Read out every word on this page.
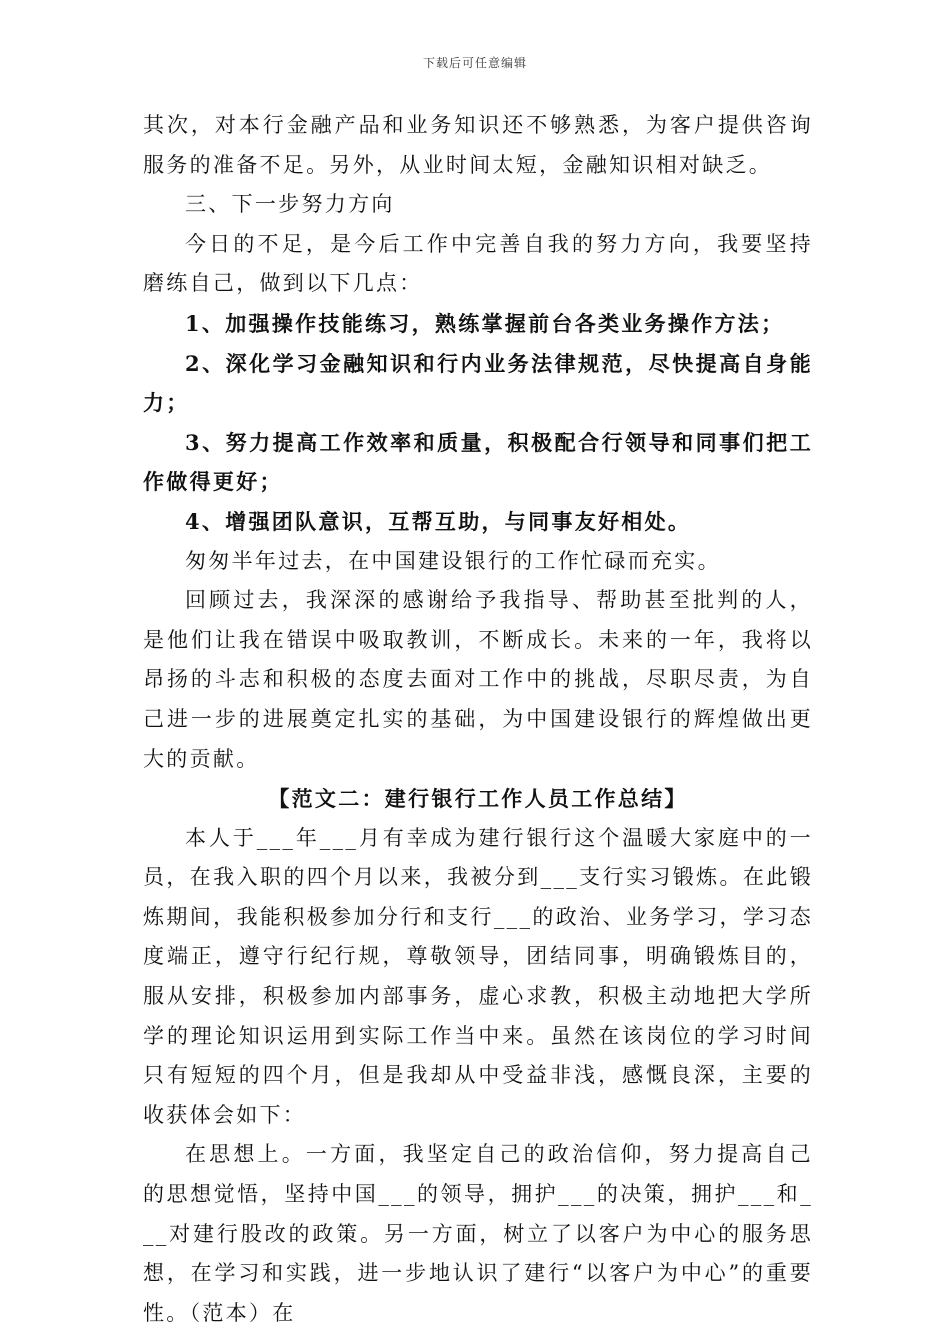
下载后可任意编辑

其次，对本行金融产品和业务知识还不够熟悉，为客户提供咨询服务的准备不足。另外，从业时间太短，金融知识相对缺乏。

三、下一步努力方向

今日的不足，是今后工作中完善自我的努力方向，我要坚持磨练自己，做到以下几点：

1、加强操作技能练习，熟练掌握前台各类业务操作方法；

2、深化学习金融知识和行内业务法律规范，尽快提高自身能力；

3、努力提高工作效率和质量，积极配合行领导和同事们把工作做得更好；

4、增强团队意识，互帮互助，与同事友好相处。

匆匆半年过去，在中国建设银行的工作忙碌而充实。

回顾过去，我深深的感谢给予我指导、帮助甚至批判的人，是他们让我在错误中吸取教训，不断成长。未来的一年，我将以昂扬的斗志和积极的态度去面对工作中的挑战，尽职尽责，为自己进一步的进展奠定扎实的基础，为中国建设银行的辉煌做出更大的贡献。

【范文二：建行银行工作人员工作总结】

本人于___年___月有幸成为建行银行这个温暖大家庭中的一员，在我入职的四个月以来，我被分到___支行实习锻炼。在此锻炼期间，我能积极参加分行和支行___的政治、业务学习，学习态度端正，遵守行纪行规，尊敬领导，团结同事，明确锻炼目的，服从安排，积极参加内部事务，虚心求教，积极主动地把大学所学的理论知识运用到实际工作当中来。虽然在该岗位的学习时间只有短短的四个月，但是我却从中受益非浅，感慨良深，主要的收获体会如下：

在思想上。一方面，我坚定自己的政治信仰，努力提高自己的思想觉悟，坚持中国___的领导，拥护___的决策，拥护___和___对建行股改的政策。另一方面，树立了以客户为中心的服务思想，在学习和实践，进一步地认识了建行“以客户为中心”的重要性。（范本）在
